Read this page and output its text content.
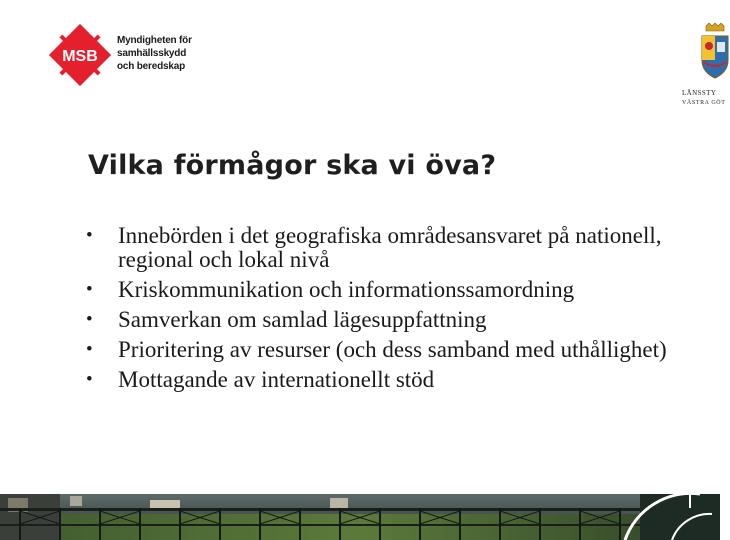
MSB
Myndigheten för
samhällsskydd
och beredskap
LÄNSSTY
VÄSTRA GÖT
Vilka förmågor ska vi öva?
• Innebörden i det geografiska områdesansvaret på nationell, regional och lokal nivå
• Kriskommunikation och informationssamordning
• Samverkan om samlad lägesuppfattning
• Prioritering av resurser (och dess samband med uthållighet)
• Mottagande av internationellt stöd
